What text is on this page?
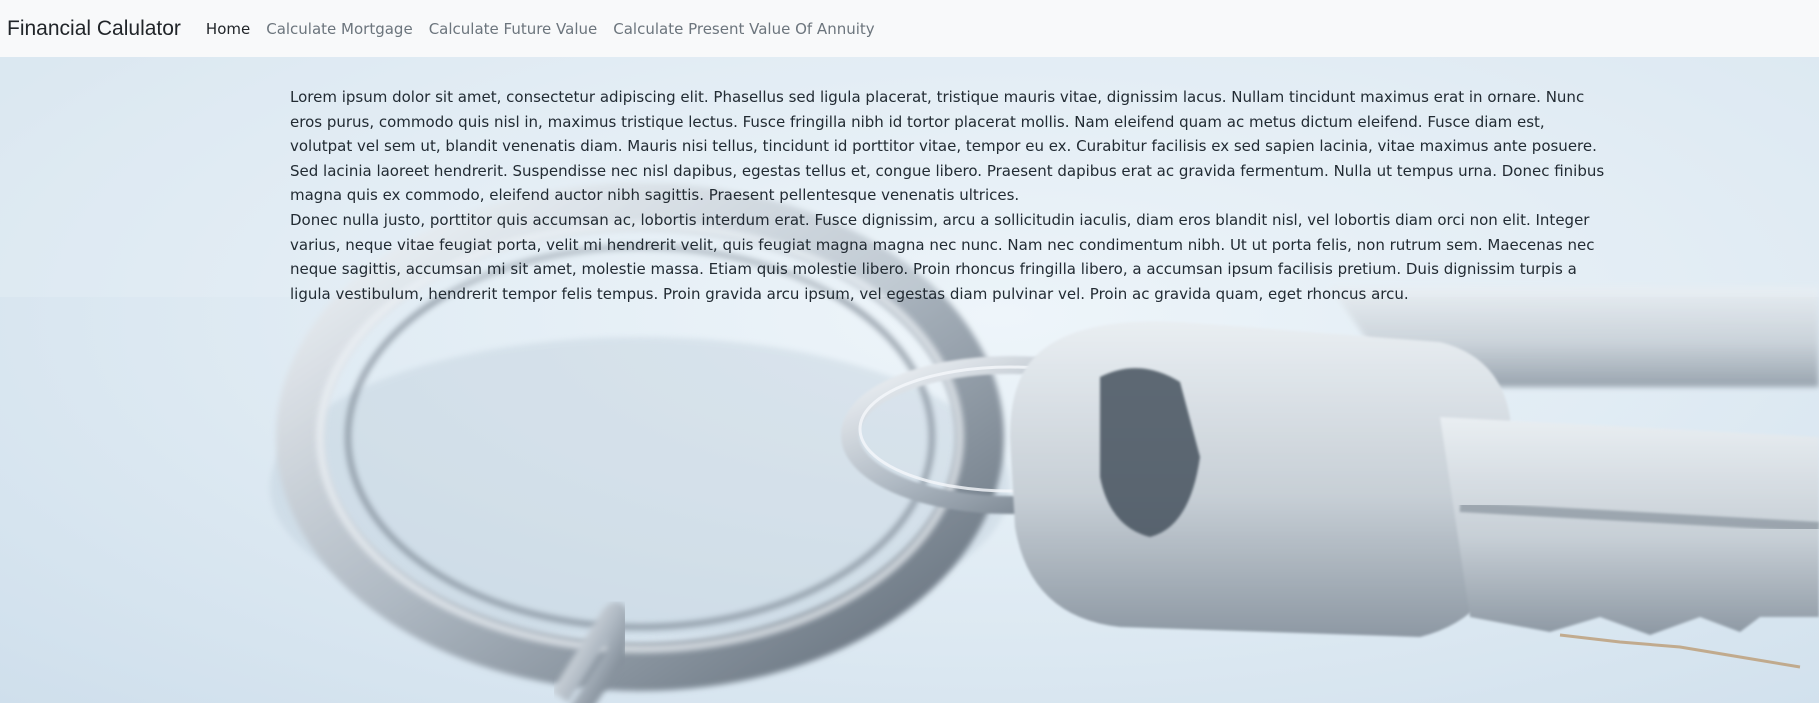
Financial Calulator Home Calculate Mortgage Calculate Future Value Calculate Present Value Of Annuity

Lorem ipsum dolor sit amet, consectetur adipiscing elit. Phasellus sed ligula placerat, tristique mauris vitae, dignissim lacus. Nullam tincidunt maximus erat in ornare. Nunc eros purus, commodo quis nisl in, maximus tristique lectus. Fusce fringilla nibh id tortor placerat mollis. Nam eleifend quam ac metus dictum eleifend. Fusce diam est, volutpat vel sem ut, blandit venenatis diam. Mauris nisi tellus, tincidunt id porttitor vitae, tempor eu ex. Curabitur facilisis ex sed sapien lacinia, vitae maximus ante posuere. Sed lacinia laoreet hendrerit. Suspendisse nec nisl dapibus, egestas tellus et, congue libero. Praesent dapibus erat ac gravida fermentum. Nulla ut tempus urna. Donec finibus magna quis ex commodo, eleifend auctor nibh sagittis. Praesent pellentesque venenatis ultrices.

Donec nulla justo, porttitor quis accumsan ac, lobortis interdum erat. Fusce dignissim, arcu a sollicitudin iaculis, diam eros blandit nisl, vel lobortis diam orci non elit. Integer varius, neque vitae feugiat porta, velit mi hendrerit velit, quis feugiat magna magna nec nunc. Nam nec condimentum nibh. Ut ut porta felis, non rutrum sem. Maecenas nec neque sagittis, accumsan mi sit amet, molestie massa. Etiam quis molestie libero. Proin rhoncus fringilla libero, a accumsan ipsum facilisis pretium. Duis dignissim turpis a ligula vestibulum, hendrerit tempor felis tempus. Proin gravida arcu ipsum, vel egestas diam pulvinar vel. Proin ac gravida quam, eget rhoncus arcu.
